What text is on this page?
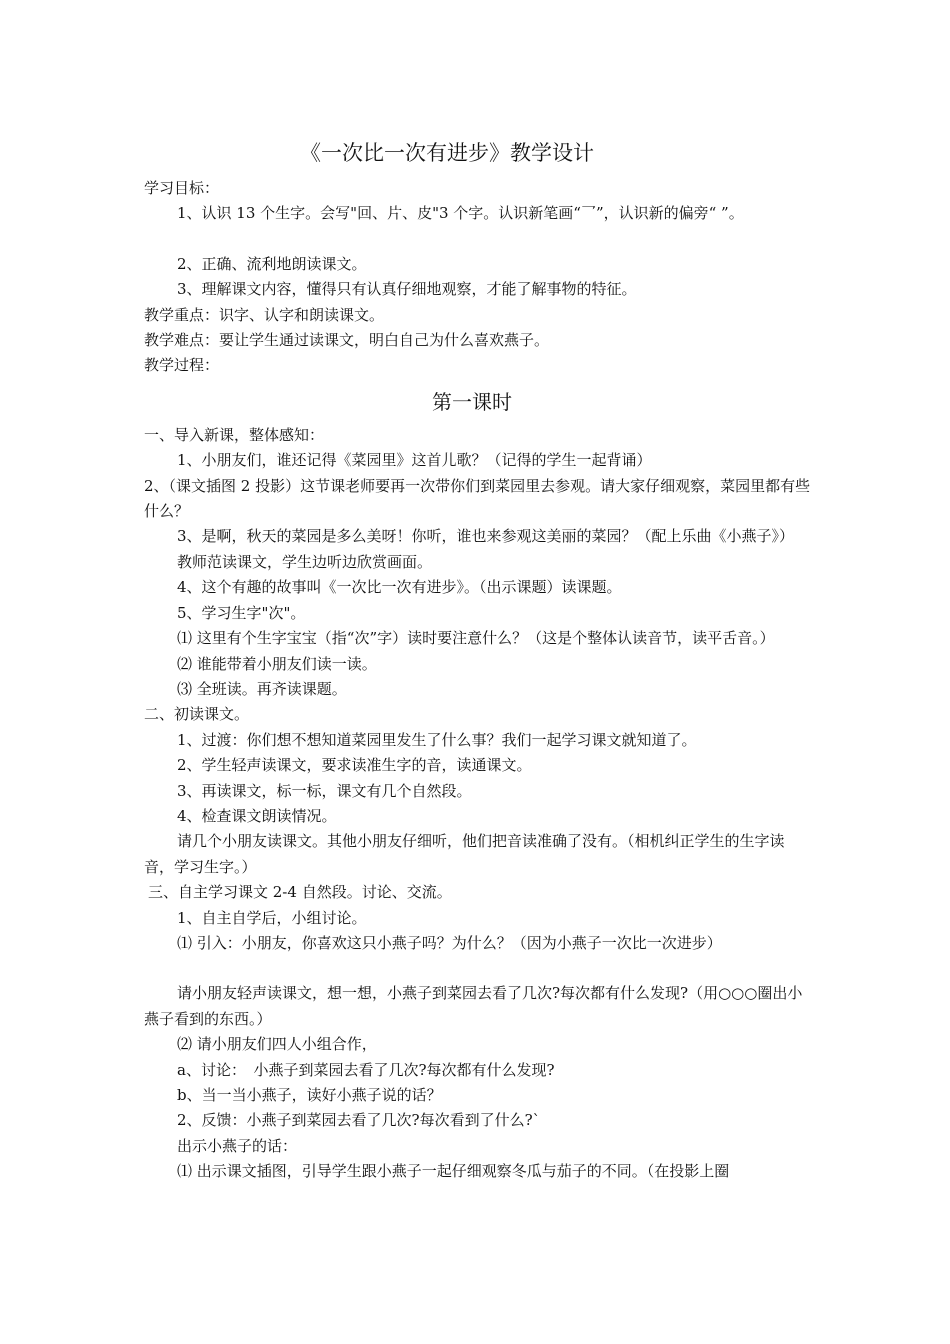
《一次比一次有进步》教学设计

学习目标：

1、认识 13 个生字。会写"回、片、皮"3 个字。认识新笔画“乛”，认识新的偏旁“ ”。

2、正确、流利地朗读课文。

3、理解课文内容，懂得只有认真仔细地观察，才能了解事物的特征。

教学重点：识字、认字和朗读课文。

教学难点：要让学生通过读课文，明白自己为什么喜欢燕子。

教学过程：

第一课时

一、导入新课，整体感知：

1、小朋友们，谁还记得《菜园里》这首儿歌？（记得的学生一起背诵）

2、（课文插图 2 投影）这节课老师要再一次带你们到菜园里去参观。请大家仔细观察，菜园里都有些什么？

3、是啊，秋天的菜园是多么美呀！你听，谁也来参观这美丽的菜园？（配上乐曲《小燕子》）

教师范读课文，学生边听边欣赏画面。

4、这个有趣的故事叫《一次比一次有进步》。（出示课题）读课题。

5、学习生字"次"。

⑴ 这里有个生字宝宝（指“次”字）读时要注意什么？（这是个整体认读音节，读平舌音。）

⑵ 谁能带着小朋友们读一读。

⑶ 全班读。再齐读课题。

二、初读课文。

1、过渡：你们想不想知道菜园里发生了什么事？我们一起学习课文就知道了。

2、学生轻声读课文，要求读准生字的音，读通课文。

3、再读课文，标一标，课文有几个自然段。

4、检查课文朗读情况。

请几个小朋友读课文。其他小朋友仔细听，他们把音读准确了没有。（相机纠正学生的生字读音，学习生字。）

三、自主学习课文 2-4 自然段。讨论、交流。

1、自主自学后，小组讨论。

⑴ 引入：小朋友，你喜欢这只小燕子吗？为什么？（因为小燕子一次比一次进步）

请小朋友轻声读课文，想一想，小燕子到菜园去看了几次?每次都有什么发现?（用○○○圈出小燕子看到的东西。）

⑵ 请小朋友们四人小组合作，

a、讨论：　小燕子到菜园去看了几次?每次都有什么发现?

b、当一当小燕子，读好小燕子说的话？

2、反馈：小燕子到菜园去看了几次?每次看到了什么?`

出示小燕子的话：

⑴ 出示课文插图，引导学生跟小燕子一起仔细观察冬瓜与茄子的不同。（在投影上圈
